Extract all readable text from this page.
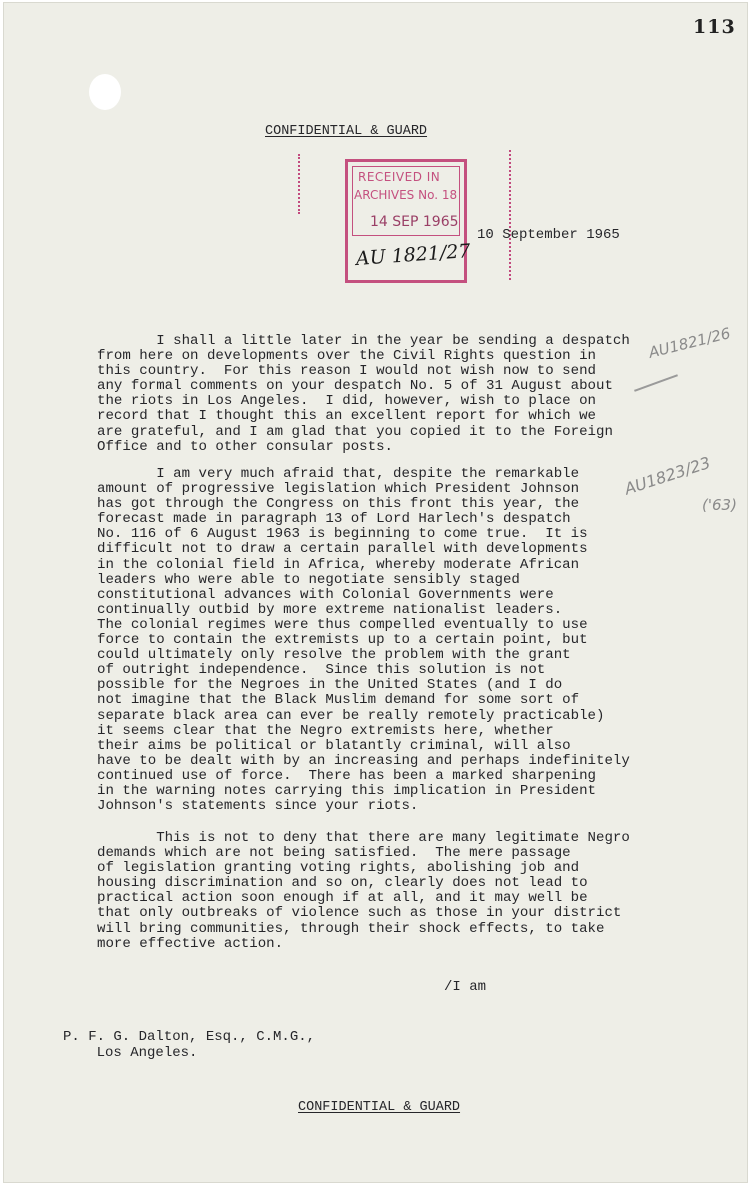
113
CONFIDENTIAL & GUARD
RECEIVED IN
ARCHIVES No. 18
14 SEP 1965
AU 1821/27
10 September 1965
AU1821/26
AU1823/23
('63)
I shall a little later in the year be sending a despatch
from here on developments over the Civil Rights question in
this country.  For this reason I would not wish now to send
any formal comments on your despatch No. 5 of 31 August about
the riots in Los Angeles.  I did, however, wish to place on
record that I thought this an excellent report for which we
are grateful, and I am glad that you copied it to the Foreign
Office and to other consular posts.
I am very much afraid that, despite the remarkable
amount of progressive legislation which President Johnson
has got through the Congress on this front this year, the
forecast made in paragraph 13 of Lord Harlech's despatch
No. 116 of 6 August 1963 is beginning to come true.  It is
difficult not to draw a certain parallel with developments
in the colonial field in Africa, whereby moderate African
leaders who were able to negotiate sensibly staged
constitutional advances with Colonial Governments were
continually outbid by more extreme nationalist leaders.
The colonial regimes were thus compelled eventually to use
force to contain the extremists up to a certain point, but
could ultimately only resolve the problem with the grant
of outright independence.  Since this solution is not
possible for the Negroes in the United States (and I do
not imagine that the Black Muslim demand for some sort of
separate black area can ever be really remotely practicable)
it seems clear that the Negro extremists here, whether
their aims be political or blatantly criminal, will also
have to be dealt with by an increasing and perhaps indefinitely
continued use of force.  There has been a marked sharpening
in the warning notes carrying this implication in President
Johnson's statements since your riots.
This is not to deny that there are many legitimate Negro
demands which are not being satisfied.  The mere passage
of legislation granting voting rights, abolishing job and
housing discrimination and so on, clearly does not lead to
practical action soon enough if at all, and it may well be
that only outbreaks of violence such as those in your district
will bring communities, through their shock effects, to take
more effective action.
/I am
P. F. G. Dalton, Esq., C.M.G.,
Los Angeles.
CONFIDENTIAL & GUARD
